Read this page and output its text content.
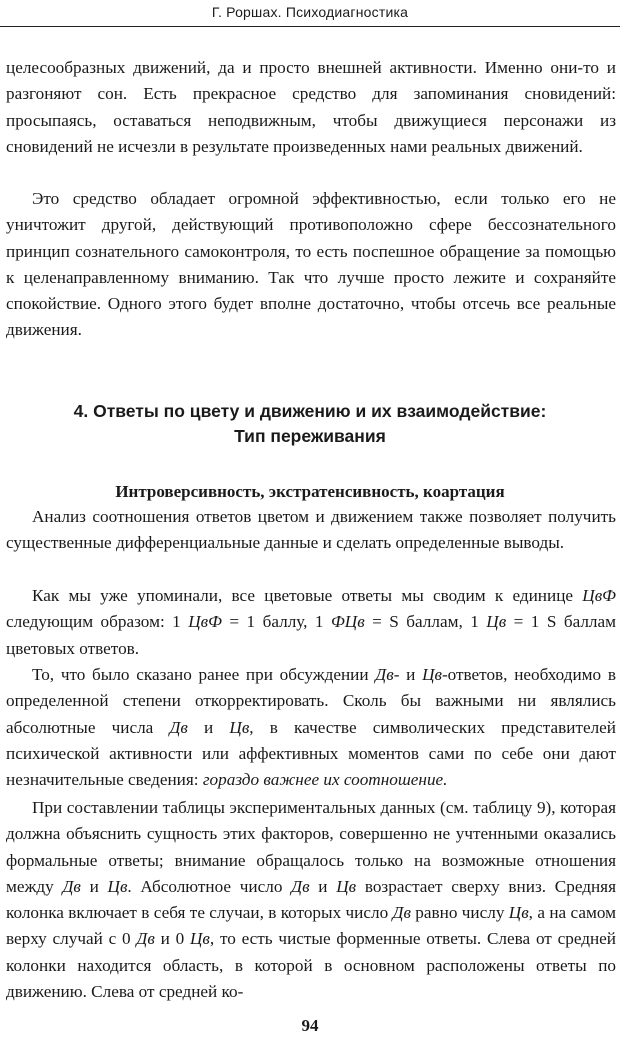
Г. Роршах. Психодиагностика

целесообразных движений, да и просто внешней активности. Именно они-то и разгоняют сон. Есть прекрасное средство для запоминания сновидений: просыпаясь, оставаться неподвижным, чтобы движущиеся персонажи из сновидений не исчезли в результате произведенных нами реальных движений.

Это средство обладает огромной эффективностью, если только его не уничтожит другой, действующий противоположно сфере бессознательного принцип сознательного самоконтроля, то есть поспешное обращение за помощью к целенаправленному вниманию. Так что лучше просто лежите и сохраняйте спокойствие. Одного этого будет вполне достаточно, чтобы отсечь все реальные движения.

4. Ответы по цвету и движению и их взаимодействие:
Тип переживания
Интроверсивность, экстратенсивность, коартация

Анализ соотношения ответов цветом и движением также позволяет получить существенные дифференциальные данные и сделать определенные выводы.

Как мы уже упоминали, все цветовые ответы мы сводим к единице ЦвФ следующим образом: 1 ЦвФ = 1 баллу, 1 ФЦв = S баллам, 1 Цв = 1 S баллам цветовых ответов.

То, что было сказано ранее при обсуждении Дв- и Цв-ответов, необходимо в определенной степени откорректировать. Сколь бы важными ни являлись абсолютные числа Дв и Цв, в качестве символических представителей психической активности или аффективных моментов сами по себе они дают незначительные сведения: гораздо важнее их соотношение.

При составлении таблицы экспериментальных данных (см. таблицу 9), которая должна объяснить сущность этих факторов, совершенно не учтенными оказались формальные ответы; внимание обращалось только на возможные отношения между Дв и Цв. Абсолютное число Дв и Цв возрастает сверху вниз. Средняя колонка включает в себя те случаи, в которых число Дв равно числу Цв, а на самом верху случай с 0 Дв и 0 Цв, то есть чистые форменные ответы. Слева от средней колонки находится область, в которой в основном расположены ответы по движению. Слева от средней ко-

94
